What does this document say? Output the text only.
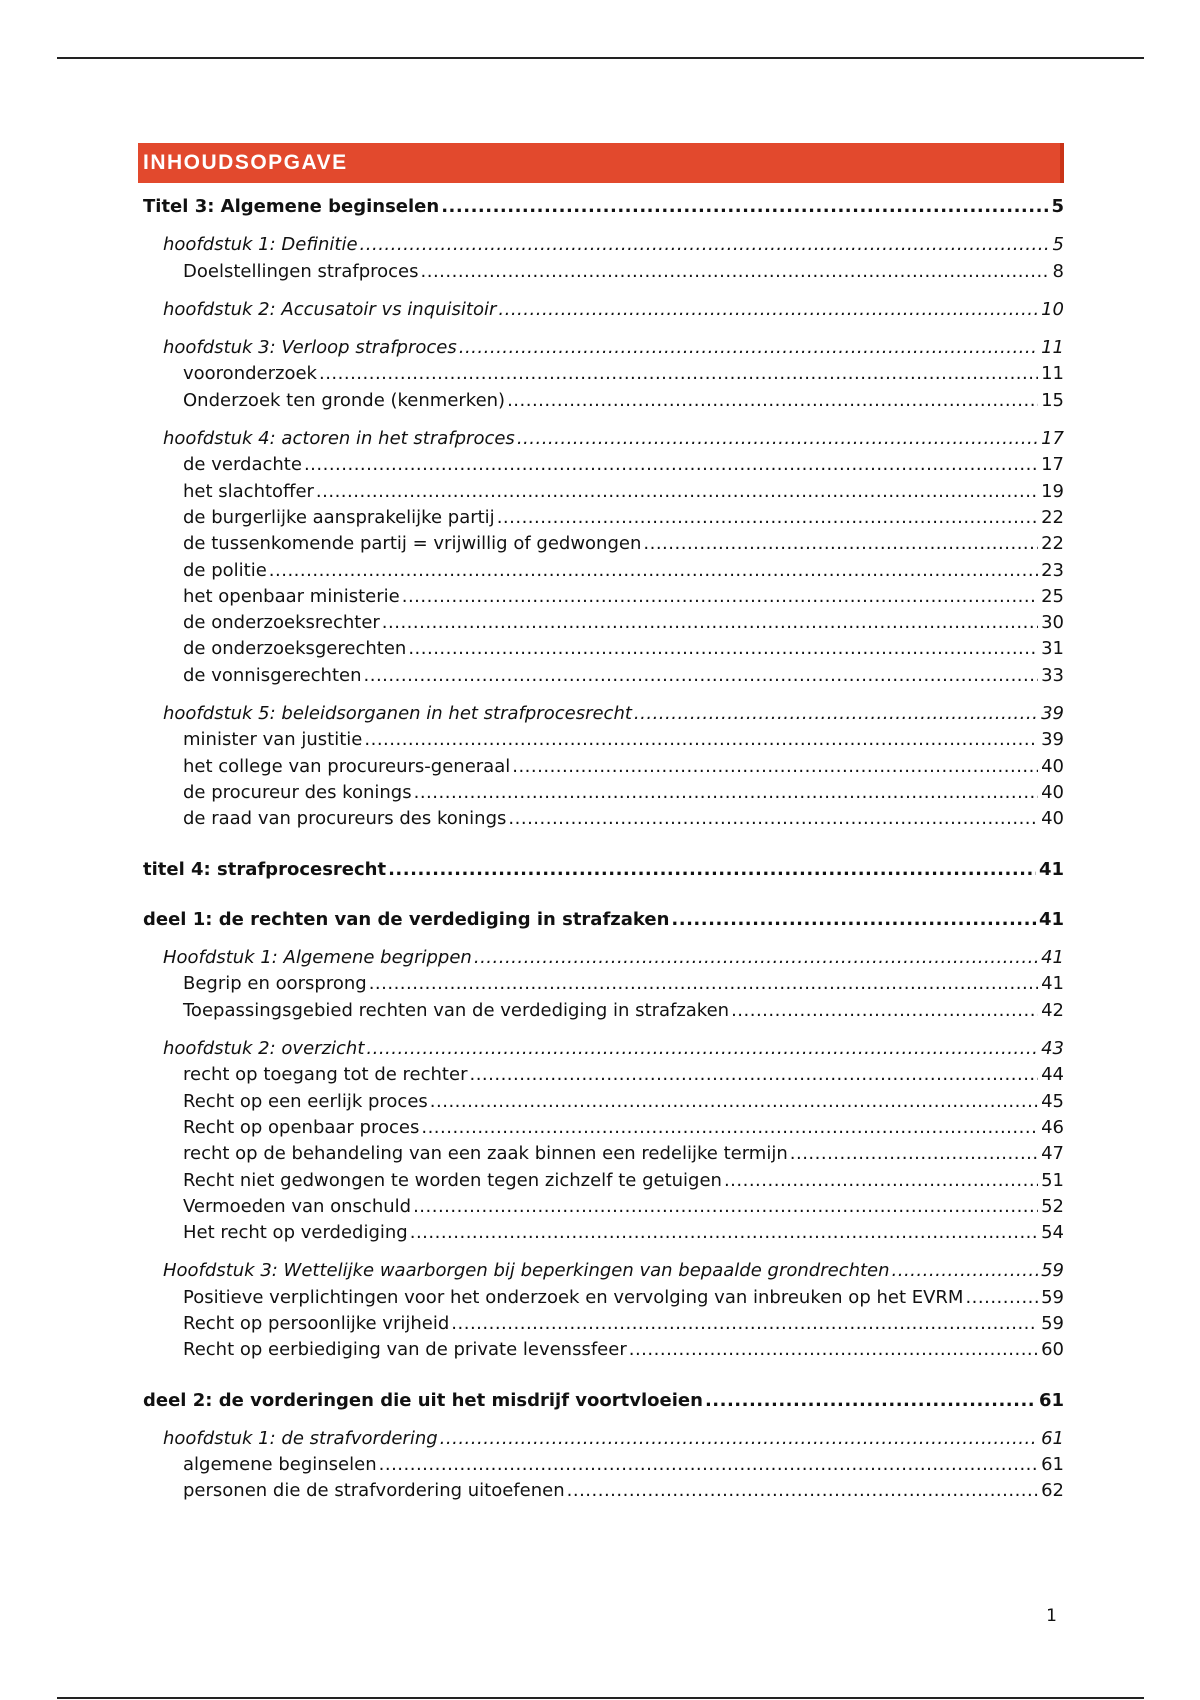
INHOUDSOPGAVE
Titel 3: Algemene beginselen .....	5
hoofdstuk 1: Definitie .....	5
Doelstellingen strafproces .....	8
hoofdstuk 2: Accusatoir vs inquisitoir .....	10
hoofdstuk 3: Verloop strafproces .....	11
vooronderzoek .....	11
Onderzoek ten gronde (kenmerken) .....	15
hoofdstuk 4: actoren in het strafproces .....	17
de verdachte .....	17
het slachtoffer .....	19
de burgerlijke aansprakelijke partij .....	22
de tussenkomende partij = vrijwillig of gedwongen .....	22
de politie .....	23
het openbaar ministerie .....	25
de onderzoeksrechter .....	30
de onderzoeksgerechten .....	31
de vonnisgerechten .....	33
hoofdstuk 5: beleidsorganen in het strafprocesrecht .....	39
minister van justitie .....	39
het college van procureurs-generaal .....	40
de procureur des konings .....	40
de raad van procureurs des konings .....	40
titel 4: strafprocesrecht .....	41
deel 1: de rechten van de verdediging in strafzaken .....	41
Hoofdstuk 1: Algemene begrippen .....	41
Begrip en oorsprong .....	41
Toepassingsgebied rechten van de verdediging in strafzaken .....	42
hoofdstuk 2: overzicht .....	43
recht op toegang tot de rechter .....	44
Recht op een eerlijk proces .....	45
Recht op openbaar proces .....	46
recht op de behandeling van een zaak binnen een redelijke termijn .....	47
Recht niet gedwongen te worden tegen zichzelf te getuigen .....	51
Vermoeden van onschuld .....	52
Het recht op verdediging .....	54
Hoofdstuk 3: Wettelijke waarborgen bij beperkingen van bepaalde grondrechten .....	59
Positieve verplichtingen voor het onderzoek en vervolging van inbreuken op het EVRM .....	59
Recht op persoonlijke vrijheid .....	59
Recht op eerbiediging van de private levenssfeer .....	60
deel 2: de vorderingen die uit het misdrijf voortvloeien .....	61
hoofdstuk 1: de strafvordering .....	61
algemene beginselen .....	61
personen die de strafvordering uitoefenen .....	62
1
